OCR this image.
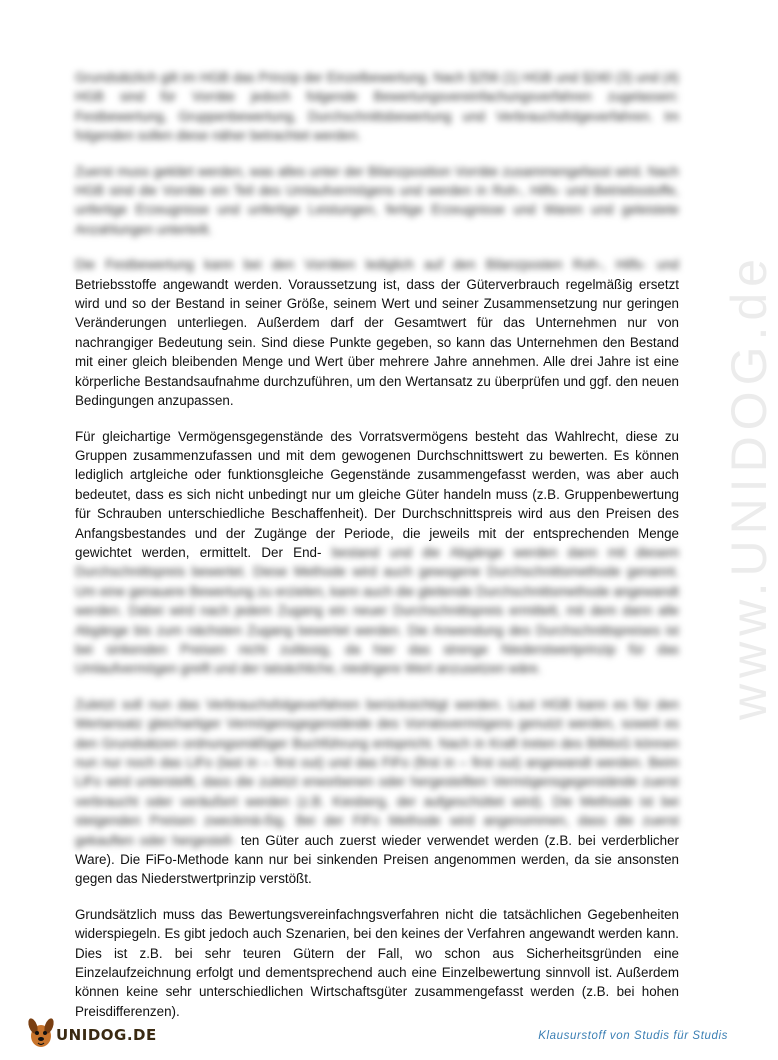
www.UNIDOG.de

Grundsätzlich gilt im HGB das Prinzip der Einzelbewertung. Nach §256 (1) HGB und §240 (3) und (4) HGB sind für Vorräte jedoch folgende Bewertungsvereinfachungsverfahren zugelassen: Festbewertung, Gruppenbewertung, Durchschnittsbewertung und Verbrauchsfolgeverfahren. Im folgenden sollen diese näher betrachtet werden.

Zuerst muss geklärt werden, was alles unter der Bilanzposition Vorräte zusammengefasst wird. Nach HGB sind die Vorräte ein Teil des Umlaufvermögens und werden in Roh-, Hilfs- und Betriebsstoffe, unfertige Erzeugnisse und unfertige Leistungen, fertige Erzeugnisse und Waren und geleistete Anzahlungen unterteilt.

Die Festbewertung kann bei den Vorräten lediglich auf den Bilanzposten Roh-, Hilfs- und Betriebsstoffe angewandt werden. Voraussetzung ist, dass der Güterverbrauch regelmäßig ersetzt wird und so der Bestand in seiner Größe, seinem Wert und seiner Zusammensetzung nur geringen Veränderungen unterliegen. Außerdem darf der Gesamtwert für das Unternehmen nur von nachrangiger Bedeutung sein. Sind diese Punkte gegeben, so kann das Unternehmen den Bestand mit einer gleich bleibenden Menge und Wert über mehrere Jahre annehmen. Alle drei Jahre ist eine körperliche Bestandsaufnahme durchzuführen, um den Wertansatz zu überprüfen und ggf. den neuen Bedingungen anzupassen.

Für gleichartige Vermögensgegenstände des Vorratsvermögens besteht das Wahlrecht, diese zu Gruppen zusammenzufassen und mit dem gewogenen Durchschnittswert zu bewerten. Es können lediglich artgleiche oder funktionsgleiche Gegenstände zusammengefasst werden, was aber auch bedeutet, dass es sich nicht unbedingt nur um gleiche Güter handeln muss (z.B. Gruppenbewertung für Schrauben unterschiedliche Beschaffenheit). Der Durchschnittspreis wird aus den Preisen des Anfangsbestandes und der Zugänge der Periode, die jeweils mit der entsprechenden Menge gewichtet werden, ermittelt. Der End- bestand und die Abgänge werden dann mit diesem Durchschnittspreis bewertet. Diese Methode wird auch gewogene Durchschnittsmethode genannt. Um eine genauere Bewertung zu erzielen, kann auch die gleitende Durchschnittsmethode angewandt werden. Dabei wird nach jedem Zugang ein neuer Durchschnittspreis ermittelt, mit dem dann alle Abgänge bis zum nächsten Zugang bewertet werden. Die Anwendung des Durchschnittspreises ist bei sinkenden Preisen nicht zulässig, da hier das strenge Niederstwertprinzip für das Umlaufvermögen greift und der tatsächliche, niedrigere Wert anzusetzen wäre.

Zuletzt soll nun das Verbrauchsfolgeverfahren berücksichtigt werden. Laut HGB kann es für den Wertansatz gleichartiger Vermögensgegenstände des Vorratsvermögens genutzt werden, soweit es den Grundsätzen ordnungsmäßiger Buchführung entspricht. Nach in Kraft treten des BilMoG können nun nur noch das LiFo (last in – first out) und das FiFo (first in – first out) angewandt werden. Beim LiFo wird unterstellt, dass die zuletzt erworbenen oder hergestellten Vermögensgegenstände zuerst verbraucht oder veräußert werden (z.B. Kiesberg, der aufgeschüttet wird). Die Methode ist bei steigenden Preisen zweckmä-ßig. Bei der FiFo Methode wird angenommen, dass die zuerst gekauften oder hergestell- ten Güter auch zuerst wieder verwendet werden (z.B. bei verderblicher Ware). Die FiFo-Methode kann nur bei sinkenden Preisen angenommen werden, da sie ansonsten gegen das Niederstwertprinzip verstößt.

Grundsätzlich muss das Bewertungsvereinfachngsverfahren nicht die tatsächlichen Gegebenheiten widerspiegeln. Es gibt jedoch auch Szenarien, bei den keines der Verfahren angewandt werden kann. Dies ist z.B. bei sehr teuren Gütern der Fall, wo schon aus Sicherheitsgründen eine Einzelaufzeichnung erfolgt und dementsprechend auch eine Einzelbewertung sinnvoll ist. Außerdem können keine sehr unterschiedlichen Wirtschaftsgüter zusammengefasst werden (z.B. bei hohen Preisdifferenzen).

UNIDOG.DE	Klausurstoff von Studis für Studis
